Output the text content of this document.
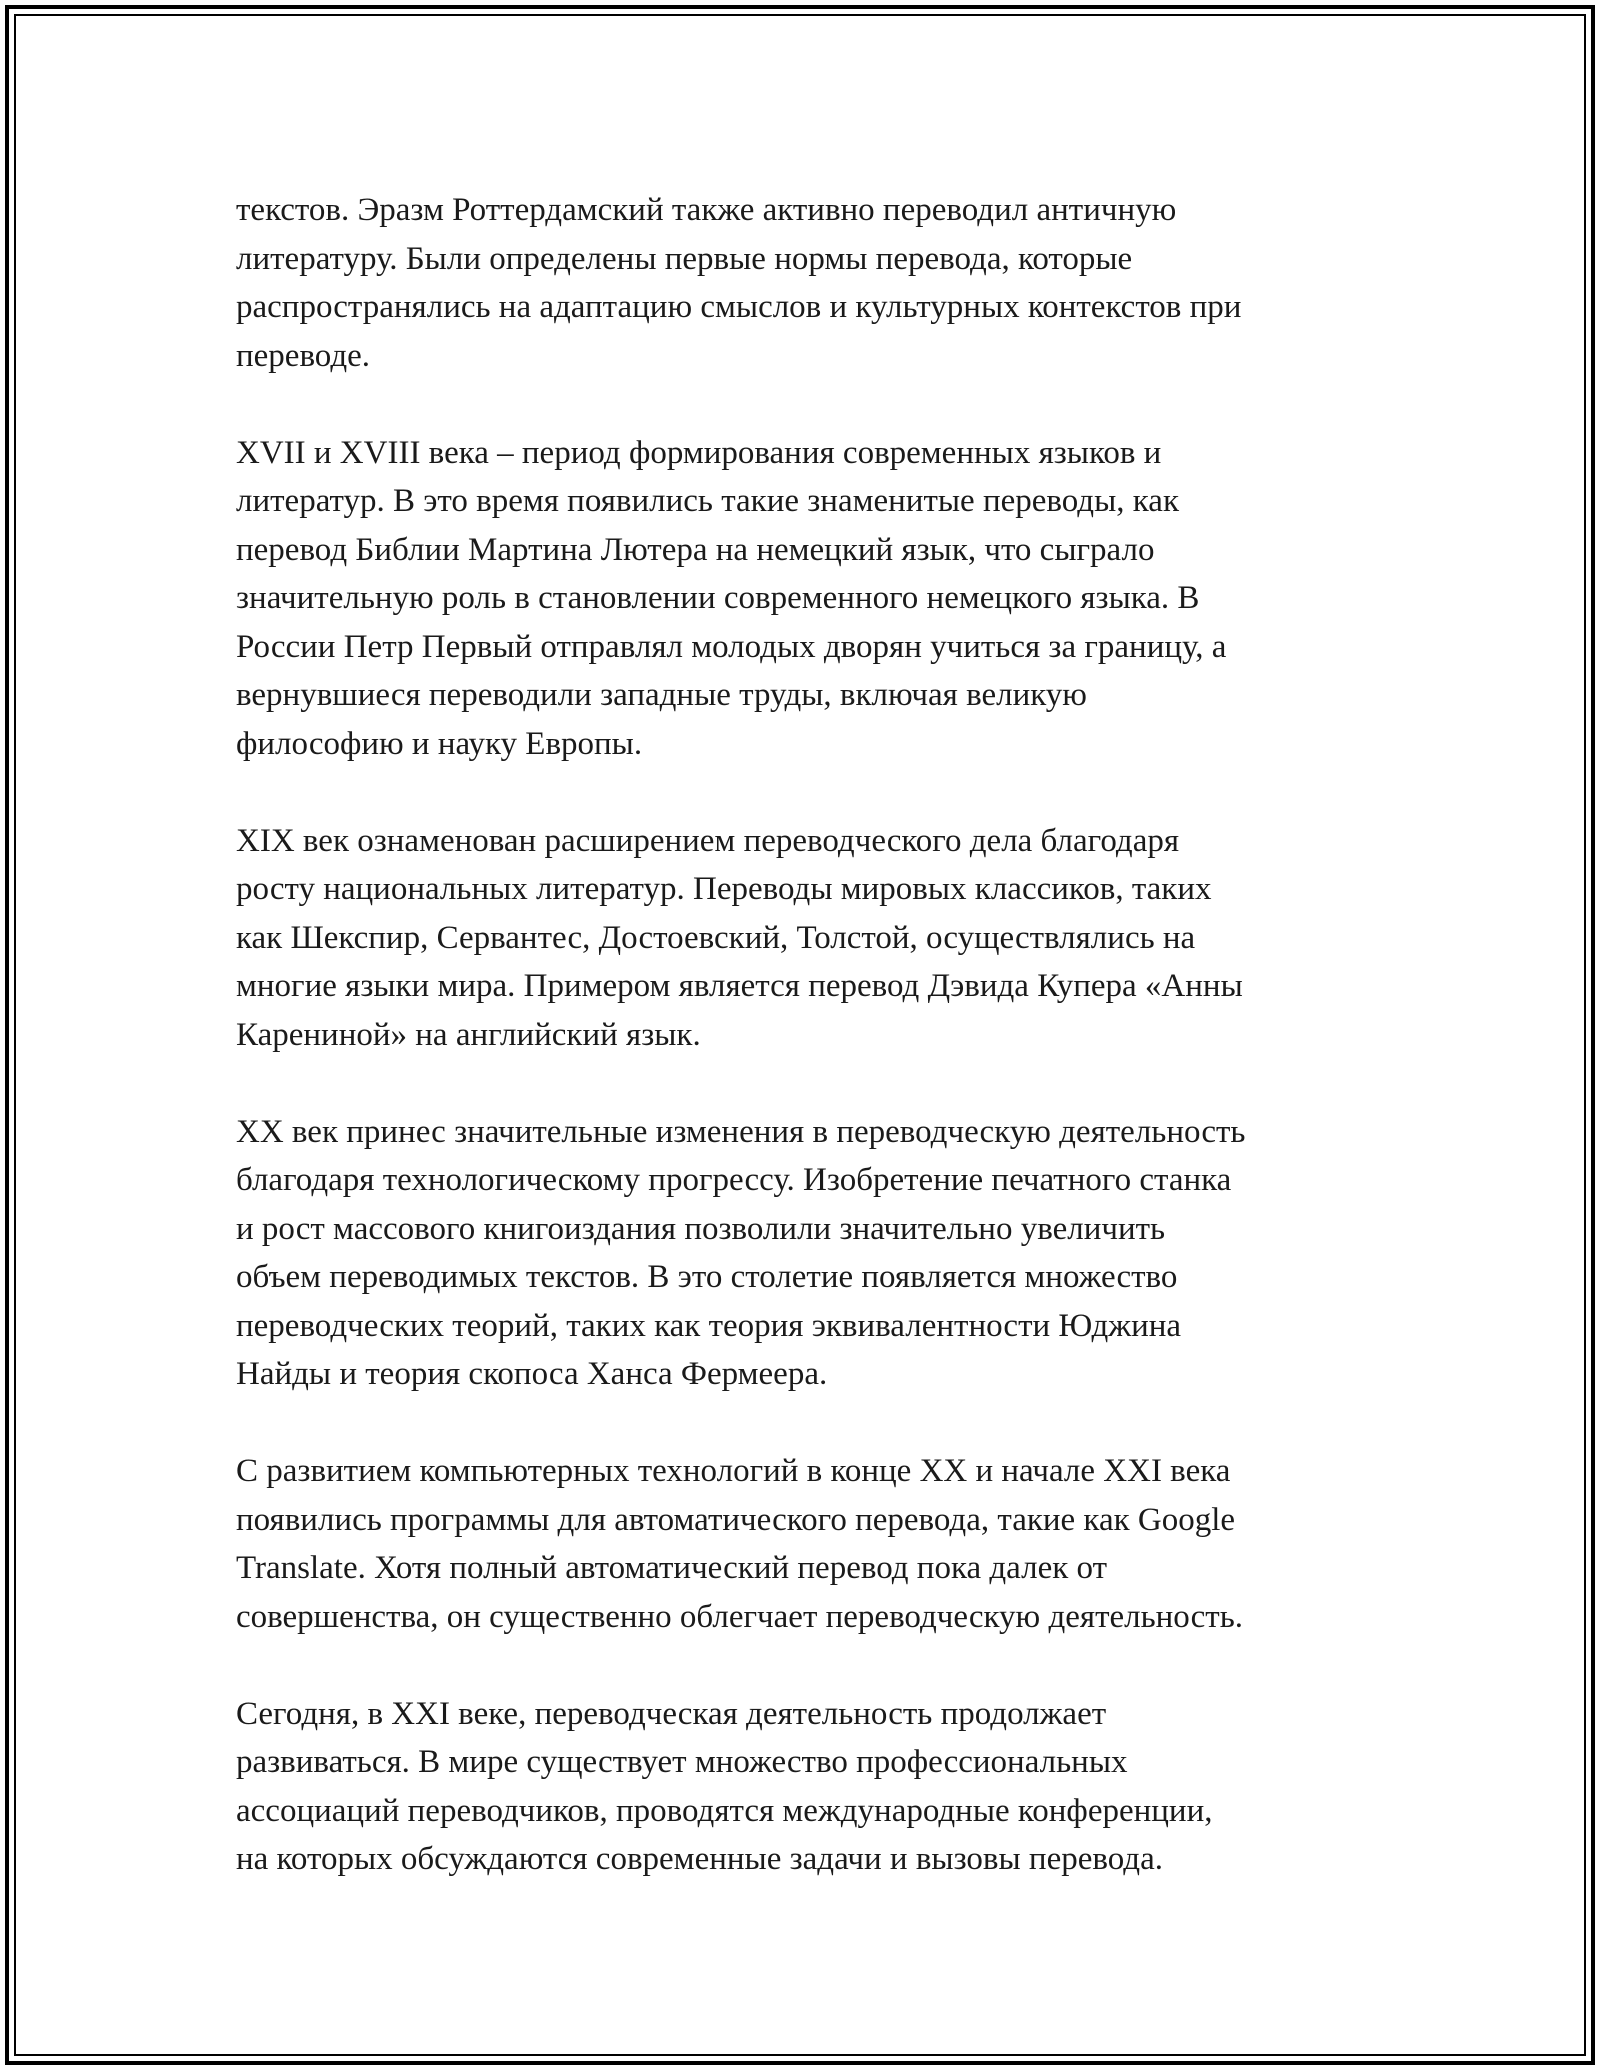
текстов. Эразм Роттердамский также активно переводил античную
литературу. Были определены первые нормы перевода, которые
распространялись на адаптацию смыслов и культурных контекстов при
переводе.

XVII и XVIII века – период формирования современных языков и
литератур. В это время появились такие знаменитые переводы, как
перевод Библии Мартина Лютера на немецкий язык, что сыграло
значительную роль в становлении современного немецкого языка. В
России Петр Первый отправлял молодых дворян учиться за границу, а
вернувшиеся переводили западные труды, включая великую
философию и науку Европы.

XIX век ознаменован расширением переводческого дела благодаря
росту национальных литератур. Переводы мировых классиков, таких
как Шекспир, Сервантес, Достоевский, Толстой, осуществлялись на
многие языки мира. Примером является перевод Дэвида Купера «Анны
Карениной» на английский язык.

XX век принес значительные изменения в переводческую деятельность
благодаря технологическому прогрессу. Изобретение печатного станка
и рост массового книгоиздания позволили значительно увеличить
объем переводимых текстов. В это столетие появляется множество
переводческих теорий, таких как теория эквивалентности Юджина
Найды и теория скопоса Ханса Фермеера.

С развитием компьютерных технологий в конце XX и начале XXI века
появились программы для автоматического перевода, такие как Google
Translate. Хотя полный автоматический перевод пока далек от
совершенства, он существенно облегчает переводческую деятельность.

Сегодня, в XXI веке, переводческая деятельность продолжает
развиваться. В мире существует множество профессиональных
ассоциаций переводчиков, проводятся международные конференции,
на которых обсуждаются современные задачи и вызовы перевода.
